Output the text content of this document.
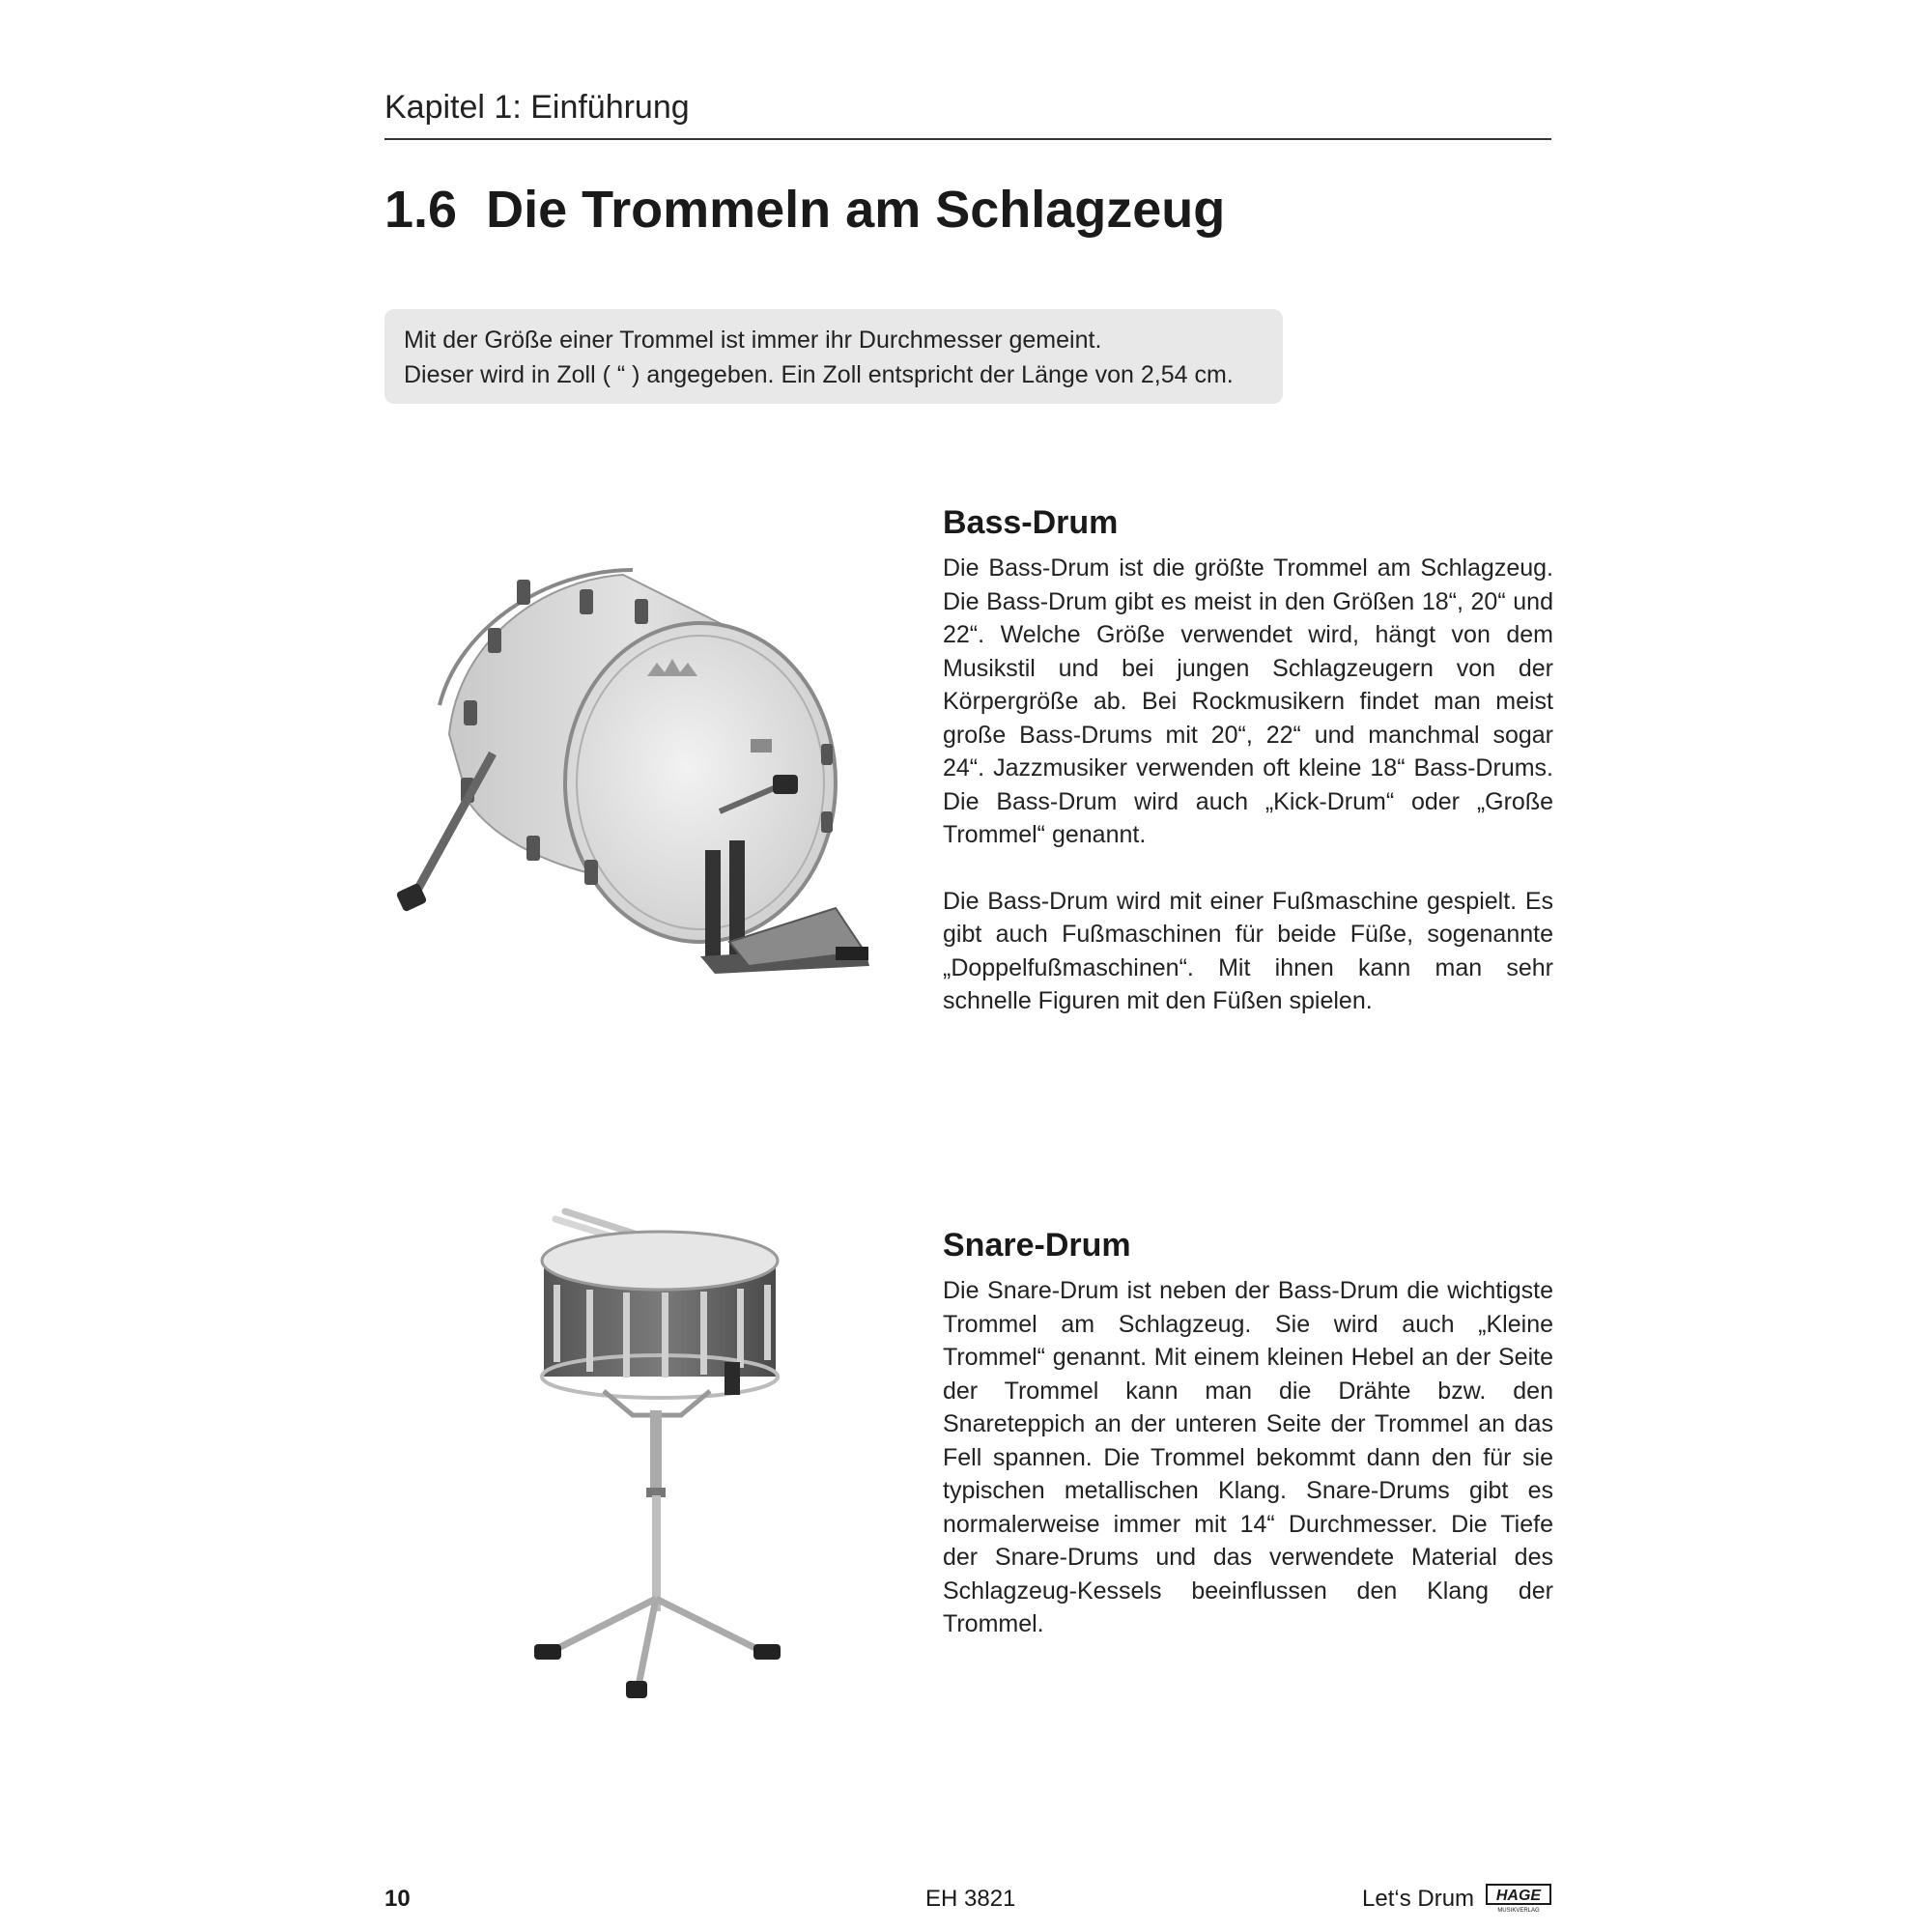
Kapitel 1: Einführung
1.6  Die Trommeln am Schlagzeug
Mit der Größe einer Trommel ist immer ihr Durchmesser gemeint.
Dieser wird in Zoll ( “ ) angegeben. Ein Zoll entspricht der Länge von 2,54 cm.
Bass-Drum

Die Bass-Drum ist die größte Trommel am Schlagzeug. Die Bass-Drum gibt es meist in den Größen 18“, 20“ und 22“. Welche Größe verwendet wird, hängt von dem Musikstil und bei jungen Schlagzeugern von der Körpergröße ab. Bei Rockmusikern findet man meist große Bass-Drums mit 20“, 22“ und manchmal sogar 24“. Jazzmusiker verwenden oft kleine 18“ Bass-Drums. Die Bass-Drum wird auch „Kick-Drum“ oder „Große Trommel“ genannt.

Die Bass-Drum wird mit einer Fußmaschine gespielt. Es gibt auch Fußmaschinen für beide Füße, sogenannte „Doppelfußmaschinen“. Mit ihnen kann man sehr schnelle Figuren mit den Füßen spielen.

Snare-Drum

Die Snare-Drum ist neben der Bass-Drum die wichtigste Trommel am Schlagzeug. Sie wird auch „Kleine Trommel“ genannt. Mit einem kleinen Hebel an der Seite der Trommel kann man die Drähte bzw. den Snareteppich an der unteren Seite der Trommel an das Fell spannen. Die Trommel bekommt dann den für sie typischen metallischen Klang. Snare-Drums gibt es normalerweise immer mit 14“ Durchmesser. Die Tiefe der Snare-Drums und das verwendete Material des Schlagzeug-Kessels beeinflussen den Klang der Trommel.

10	EH 3821	Let‘s Drum HAGE
MUSIKVERLAG
